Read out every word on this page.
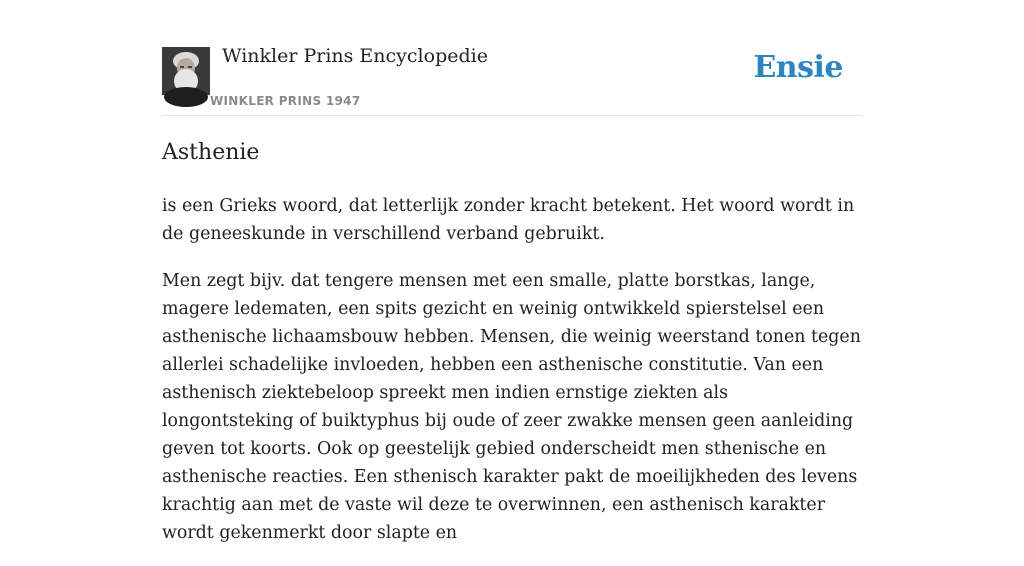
Winkler Prins Encyclopedie
WINKLER PRINS 1947
Ensie
Asthenie

is een Grieks woord, dat letterlijk zonder kracht betekent. Het woord wordt in de geneeskunde in verschillend verband gebruikt.

Men zegt bijv. dat tengere mensen met een smalle, platte borstkas, lange, magere ledematen, een spits gezicht en weinig ontwikkeld spierstelsel een asthenische lichaamsbouw hebben. Mensen, die weinig weerstand tonen tegen allerlei schadelijke invloeden, hebben een asthenische constitutie. Van een asthenisch ziektebeloop spreekt men indien ernstige ziekten als longontsteking of buiktyphus bij oude of zeer zwakke mensen geen aanleiding geven tot koorts. Ook op geestelijk gebied onderscheidt men sthenische en asthenische reacties. Een sthenisch karakter pakt de moeilijkheden des levens krachtig aan met de vaste wil deze te overwinnen, een asthenisch karakter wordt gekenmerkt door slapte en
